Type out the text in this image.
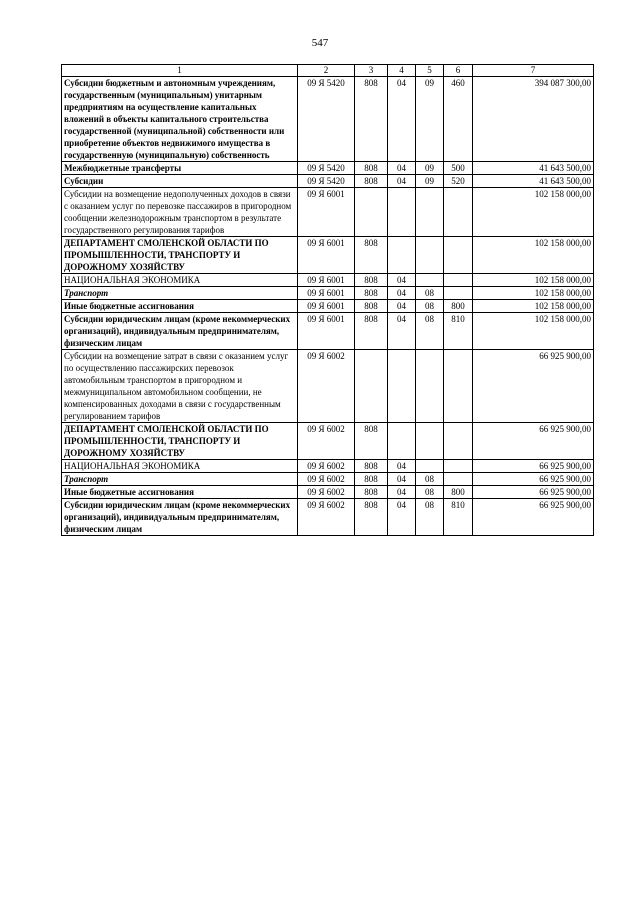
547
1	2	3	4	5	6	7
Субсидии бюджетным и автономным учреждениям, государственным (муниципальным) унитарным предприятиям на осуществление капитальных вложений в объекты капитального строительства государственной (муниципальной) собственности или приобретение объектов недвижимого имущества в государственную (муниципальную) собственность	09 Я 5420	808	04	09	460	394 087 300,00
Межбюджетные трансферты	09 Я 5420	808	04	09	500	41 643 500,00
Субсидии	09 Я 5420	808	04	09	520	41 643 500,00
Субсидии на возмещение недополученных доходов в связи с оказанием услуг по перевозке пассажиров в пригородном сообщении железнодорожным транспортом в результате государственного регулирования тарифов	09 Я 6001					102 158 000,00
ДЕПАРТАМЕНТ СМОЛЕНСКОЙ ОБЛАСТИ ПО ПРОМЫШЛЕННОСТИ, ТРАНСПОРТУ И ДОРОЖНОМУ ХОЗЯЙСТВУ	09 Я 6001	808				102 158 000,00
НАЦИОНАЛЬНАЯ ЭКОНОМИКА	09 Я 6001	808	04			102 158 000,00
Транспорт	09 Я 6001	808	04	08		102 158 000,00
Иные бюджетные ассигнования	09 Я 6001	808	04	08	800	102 158 000,00
Субсидии юридическим лицам (кроме некоммерческих организаций), индивидуальным предпринимателям, физическим лицам	09 Я 6001	808	04	08	810	102 158 000,00
Субсидии на возмещение затрат в связи с оказанием услуг по осуществлению пассажирских перевозок автомобильным транспортом в пригородном и межмуниципальном автомобильном сообщении, не компенсированных доходами в связи с государственным регулированием тарифов	09 Я 6002					66 925 900,00
ДЕПАРТАМЕНТ СМОЛЕНСКОЙ ОБЛАСТИ ПО ПРОМЫШЛЕННОСТИ, ТРАНСПОРТУ И ДОРОЖНОМУ ХОЗЯЙСТВУ	09 Я 6002	808				66 925 900,00
НАЦИОНАЛЬНАЯ ЭКОНОМИКА	09 Я 6002	808	04			66 925 900,00
Транспорт	09 Я 6002	808	04	08		66 925 900,00
Иные бюджетные ассигнования	09 Я 6002	808	04	08	800	66 925 900,00
Субсидии юридическим лицам (кроме некоммерческих организаций), индивидуальным предпринимателям, физическим лицам	09 Я 6002	808	04	08	810	66 925 900,00
